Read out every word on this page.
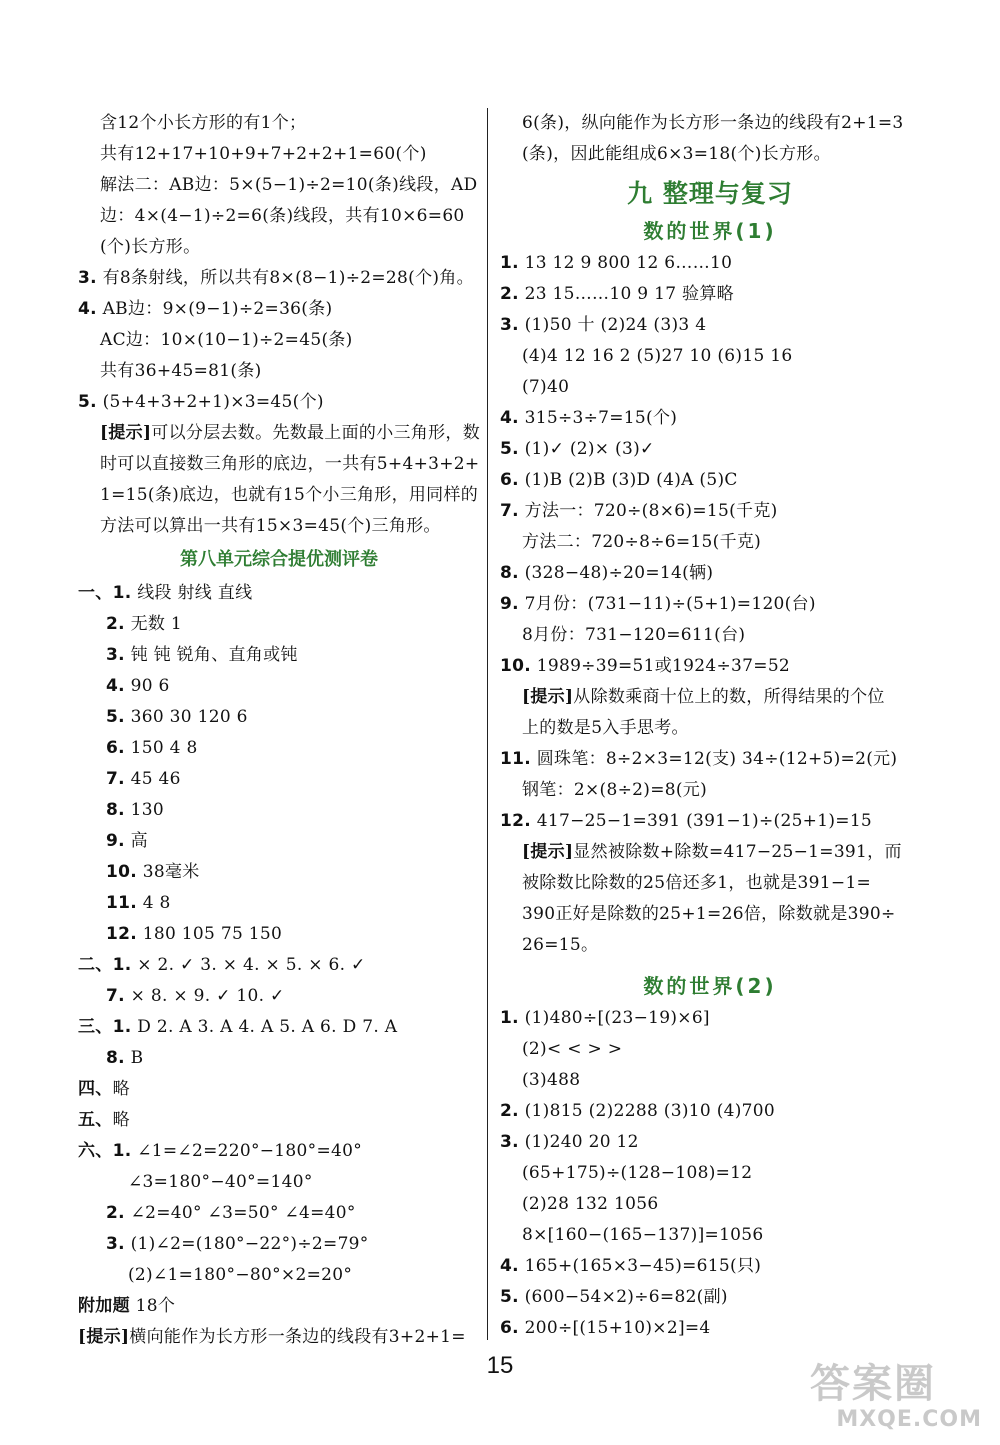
含12个小长方形的有1个；
共有12+17+10+9+7+2+2+1=60(个)
解法二：AB边：5×(5−1)÷2=10(条)线段，AD
边：4×(4−1)÷2=6(条)线段，共有10×6=60
(个)长方形。
3. 有8条射线，所以共有8×(8−1)÷2=28(个)角。
4. AB边：9×(9−1)÷2=36(条)
AC边：10×(10−1)÷2=45(条)
共有36+45=81(条)
5. (5+4+3+2+1)×3=45(个)
[提示]可以分层去数。先数最上面的小三角形，数
时可以直接数三角形的底边，一共有5+4+3+2+
1=15(条)底边，也就有15个小三角形，用同样的
方法可以算出一共有15×3=45(个)三角形。
第八单元综合提优测评卷
一、1. 线段 射线 直线
2. 无数 1
3. 钝 钝 锐角、直角或钝
4. 90 6
5. 360 30 120 6
6. 150 4 8
7. 45 46
8. 130
9. 高
10. 38毫米
11. 4 8
12. 180 105 75 150
二、1. × 2. ✓ 3. × 4. × 5. × 6. ✓
7. × 8. × 9. ✓ 10. ✓
三、1. D 2. A 3. A 4. A 5. A 6. D 7. A
8. B
四、略
五、略
六、1. ∠1=∠2=220°−180°=40°
∠3=180°−40°=140°
2. ∠2=40° ∠3=50° ∠4=40°
3. (1)∠2=(180°−22°)÷2=79°
(2)∠1=180°−80°×2=20°
附加题 18个
[提示]横向能作为长方形一条边的线段有3+2+1=
6(条)，纵向能作为长方形一条边的线段有2+1=3
(条)，因此能组成6×3=18(个)长方形。
九 整理与复习
数的世界(1)
1. 13 12 9 800 12 6……10
2. 23 15……10 9 17 验算略
3. (1)50 十 (2)24 (3)3 4
(4)4 12 16 2 (5)27 10 (6)15 16
(7)40
4. 315÷3÷7=15(个)
5. (1)✓ (2)× (3)✓
6. (1)B (2)B (3)D (4)A (5)C
7. 方法一：720÷(8×6)=15(千克)
方法二：720÷8÷6=15(千克)
8. (328−48)÷20=14(辆)
9. 7月份：(731−11)÷(5+1)=120(台)
8月份：731−120=611(台)
10. 1989÷39=51或1924÷37=52
[提示]从除数乘商十位上的数，所得结果的个位
上的数是5入手思考。
11. 圆珠笔：8÷2×3=12(支) 34÷(12+5)=2(元)
钢笔：2×(8÷2)=8(元)
12. 417−25−1=391 (391−1)÷(25+1)=15
[提示]显然被除数+除数=417−25−1=391，而
被除数比除数的25倍还多1，也就是391−1=
390正好是除数的25+1=26倍，除数就是390÷
26=15。
数的世界(2)
1. (1)480÷[(23−19)×6]
(2)< < > >
(3)488
2. (1)815 (2)2288 (3)10 (4)700
3. (1)240 20 12
(65+175)÷(128−108)=12
(2)28 132 1056
8×[160−(165−137)]=1056
4. 165+(165×3−45)=615(只)
5. (600−54×2)÷6=82(副)
6. 200÷[(15+10)×2]=4
15	答案圈
MXQE.COM
